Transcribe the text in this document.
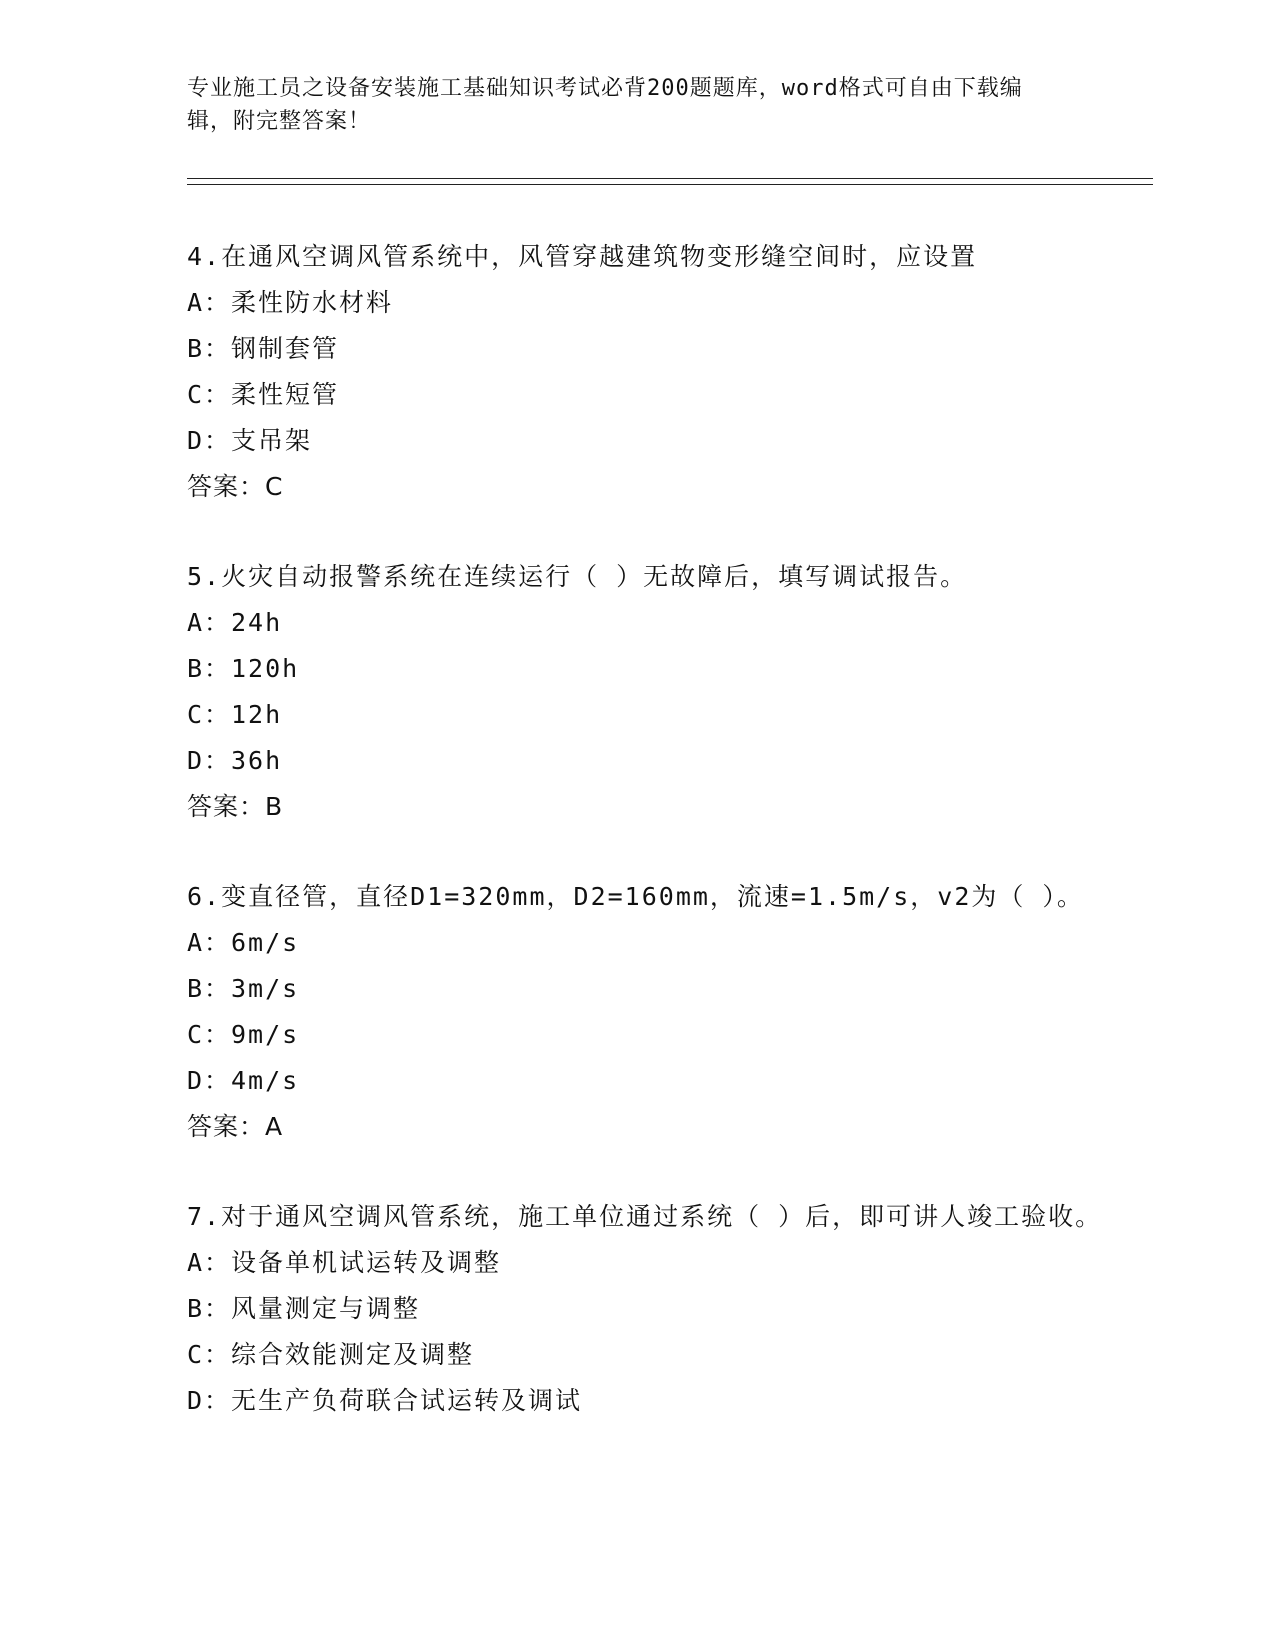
专业施工员之设备安装施工基础知识考试必背200题题库，word格式可自由下载编辑，附完整答案！
4.在通风空调风管系统中，风管穿越建筑物变形缝空间时，应设置
A：柔性防水材料
B：钢制套管
C：柔性短管
D：支吊架
答案：C
5.火灾自动报警系统在连续运行（ ）无故障后，填写调试报告。
A：24h
B：120h
C：12h
D：36h
答案：B
6.变直径管，直径D1=320mm，D2=160mm，流速=1.5m/s，v2为（ ）。
A：6m/s
B：3m/s
C：9m/s
D：4m/s
答案：A
7.对于通风空调风管系统，施工单位通过系统（ ）后，即可讲人竣工验收。
A：设备单机试运转及调整
B：风量测定与调整
C：综合效能测定及调整
D：无生产负荷联合试运转及调试
